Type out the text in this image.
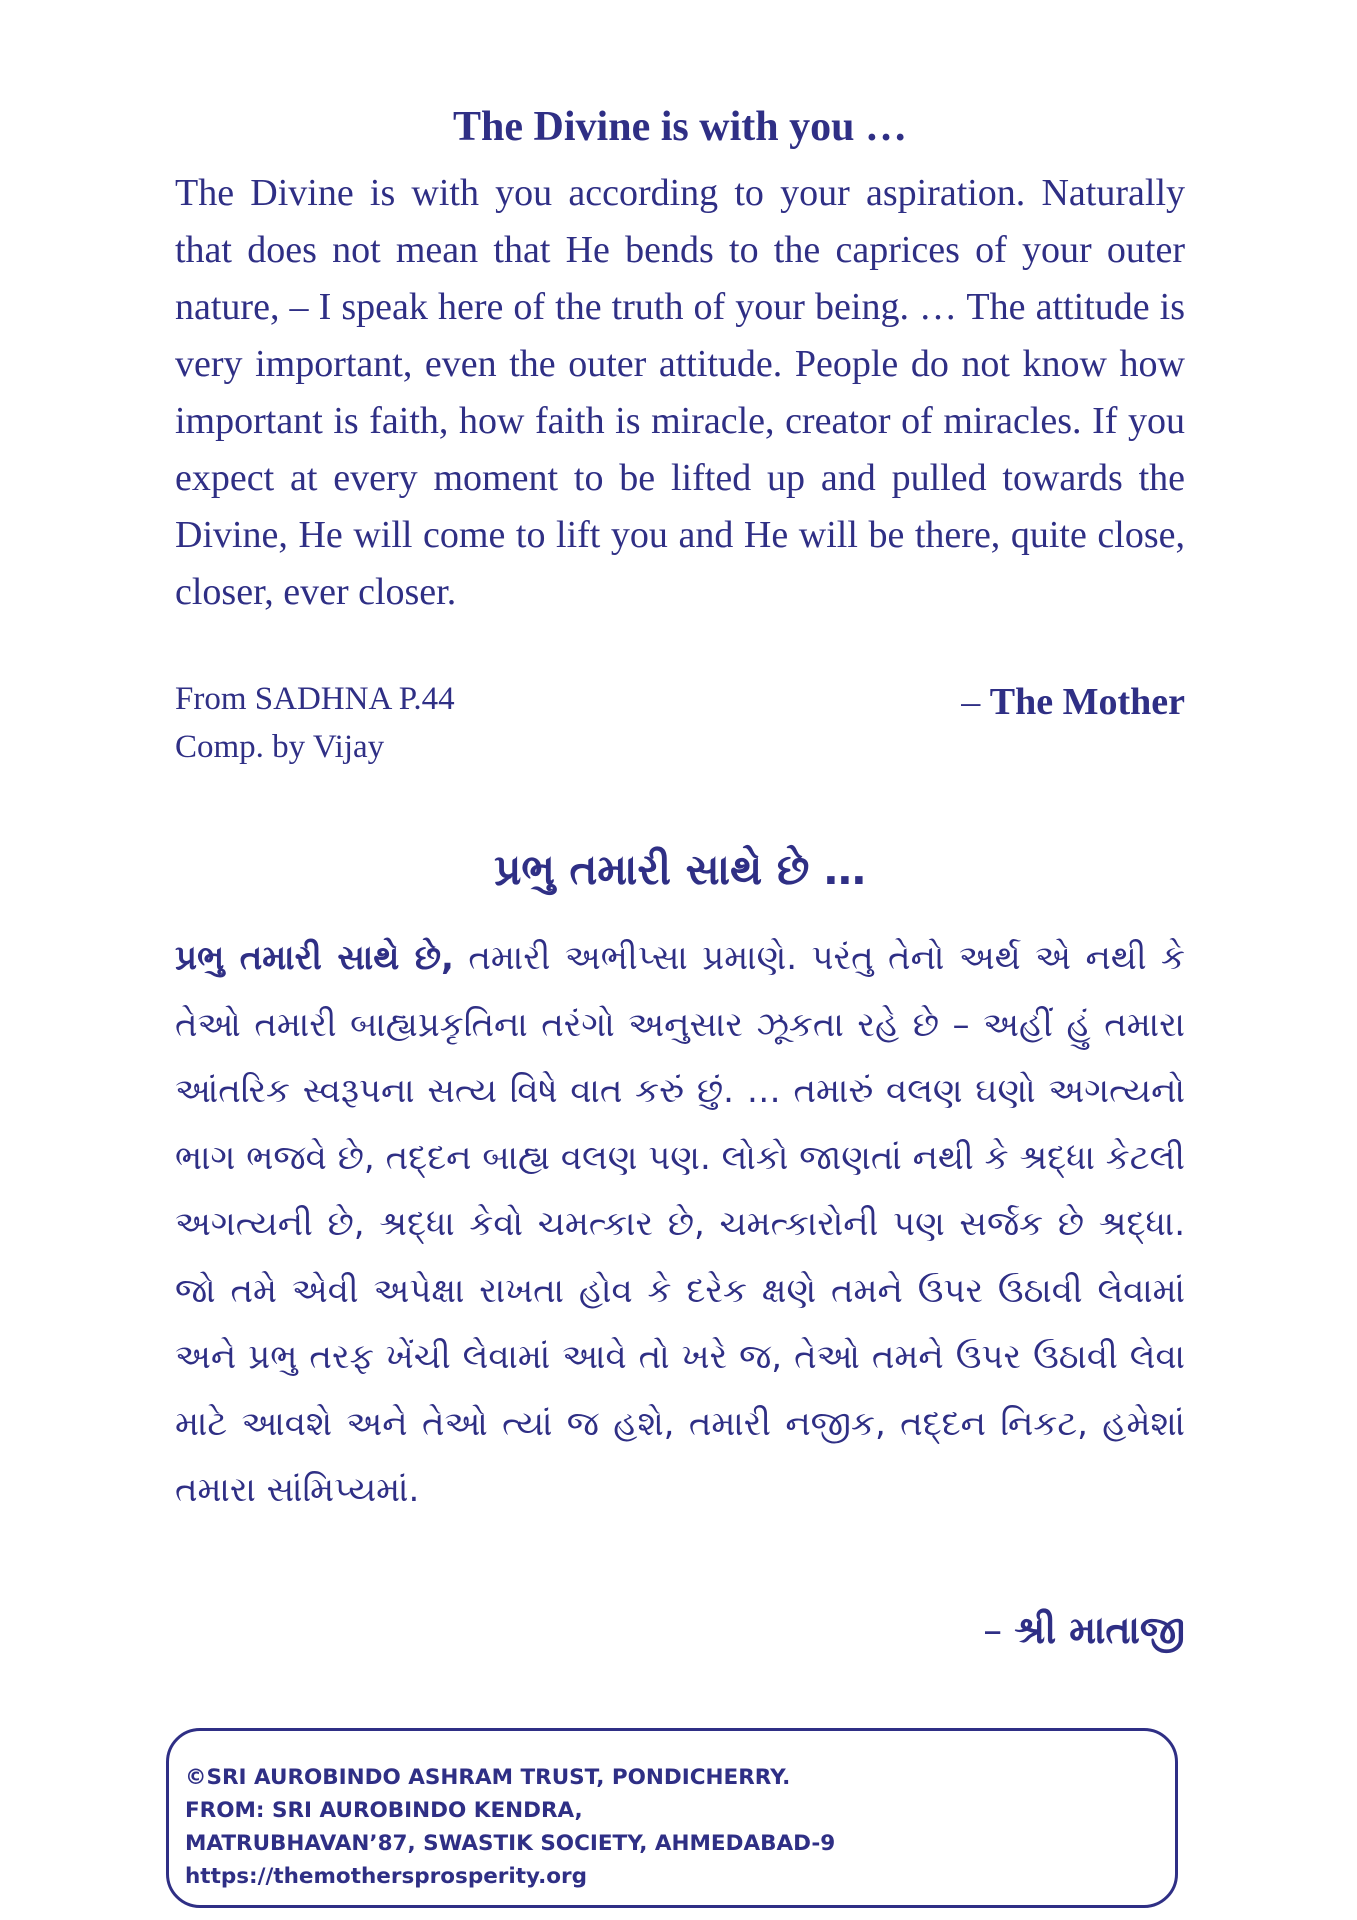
The Divine is with you …

The Divine is with you according to your aspiration. Naturally that does not mean that He bends to the caprices of your outer nature, – I speak here of the truth of your being. … The attitude is very important, even the outer attitude. People do not know how important is faith, how faith is miracle, creator of miracles. If you expect at every moment to be lifted up and pulled towards the Divine, He will come to lift you and He will be there, quite close, closer, ever closer.

From SADHNA P.44
Comp. by Vijay
– The Mother
પ્રભુ તમારી સાથે છે …

પ્રભુ તમારી સાથે છે, તમારી અભીપ્સા પ્રમાણે. પરંતુ તેનો અર્થ એ નથી કે તેઓ તમારી બાહ્યપ્રકૃતિના તરંગો અનુસાર ઝૂકતા રહે છે – અહીં હું તમારા આંતરિક સ્વરૂપના સત્ય વિષે વાત કરું છું. … તમારું વલણ ઘણો અગત્યનો ભાગ ભજવે છે, તદ્દન બાહ્ય વલણ પણ. લોકો જાણતાં નથી કે શ્રદ્ધા કેટલી અગત્યની છે, શ્રદ્ધા કેવો ચમત્કાર છે, ચમત્કારોની પણ સર્જક છે શ્રદ્ધા. જો તમે એવી અપેક્ષા રાખતા હોવ કે દરેક ક્ષણે તમને ઉપર ઉઠાવી લેવામાં અને પ્રભુ તરફ ખેંચી લેવામાં આવે તો ખરે જ, તેઓ તમને ઉપર ઉઠાવી લેવા માટે આવશે અને તેઓ ત્યાં જ હશે, તમારી નજીક, તદ્દન નિકટ, હમેશાં તમારા સાંમિપ્યમાં.

– શ્રી માતાજી
©SRI AUROBINDO ASHRAM TRUST, PONDICHERRY.
FROM: SRI AUROBINDO KENDRA,
MATRUBHAVAN’87, SWASTIK SOCIETY, AHMEDABAD-9
https://themothersprosperity.org
